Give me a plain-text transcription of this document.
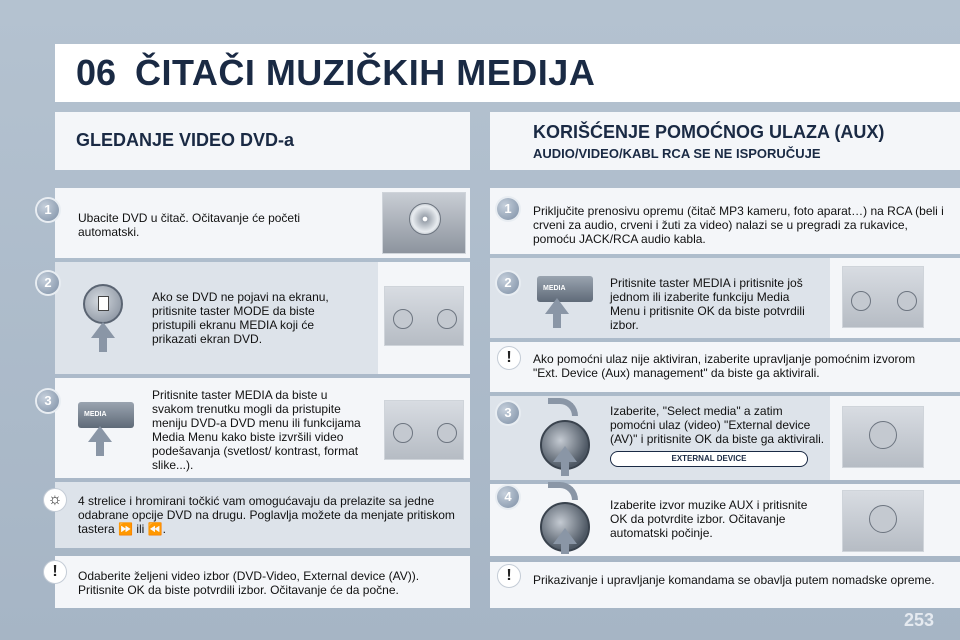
06 ČITAČI MUZIČKIH MEDIJA
GLEDANJE VIDEO DVD-a
1
Ubacite DVD u čitač. Očitavanje će početi automatski.
2
Ako se DVD ne pojavi na ekranu, pritisnite taster MODE da biste pristupili ekranu MEDIA koji će prikazati ekran DVD.
3
MEDIA
Pritisnite taster MEDIA da biste u svakom trenutku mogli da pristupite meniju DVD-a DVD menu ili funkcijama Media Menu kako biste izvršili video podešavanja (svetlost/ kontrast, format slike...).
☼	4 strelice i hromirani točkić vam omogućavaju da prelazite sa jedne odabrane opcije DVD na drugu. Poglavlja možete da menjate pritiskom tastera ⏩ ili ⏪.
!	Odaberite željeni video izbor (DVD-Video, External device (AV)). Pritisnite OK da biste potvrdili izbor. Očitavanje će da počne.
KORIŠĆENJE POMOĆNOG ULAZA (AUX)
AUDIO/VIDEO/KABL RCA SE NE ISPORUČUJE
1	Priključite prenosivu opremu (čitač MP3 kameru, foto aparat…) na RCA (beli i crveni za audio, crveni i žuti za video) nalazi se u pregradi za rukavice, pomoću JACK/RCA audio kabla.
2	MEDIA	Pritisnite taster MEDIA i pritisnite još jednom ili izaberite funkciju Media Menu i pritisnite OK da biste potvrdili izbor.
!	Ako pomoćni ulaz nije aktiviran, izaberite upravljanje pomoćnim izvorom "Ext. Device (Aux) management" da biste ga aktivirali.
3	Izaberite, "Select media" a zatim pomoćni ulaz (video) "External device (AV)" i pritisnite OK da biste ga aktivirali.
EXTERNAL DEVICE
4
Izaberite izvor muzike AUX i pritisnite OK da potvrdite izbor. Očitavanje automatski počinje.
!	Prikazivanje i upravljanje komandama se obavlja putem nomadske opreme.
253
